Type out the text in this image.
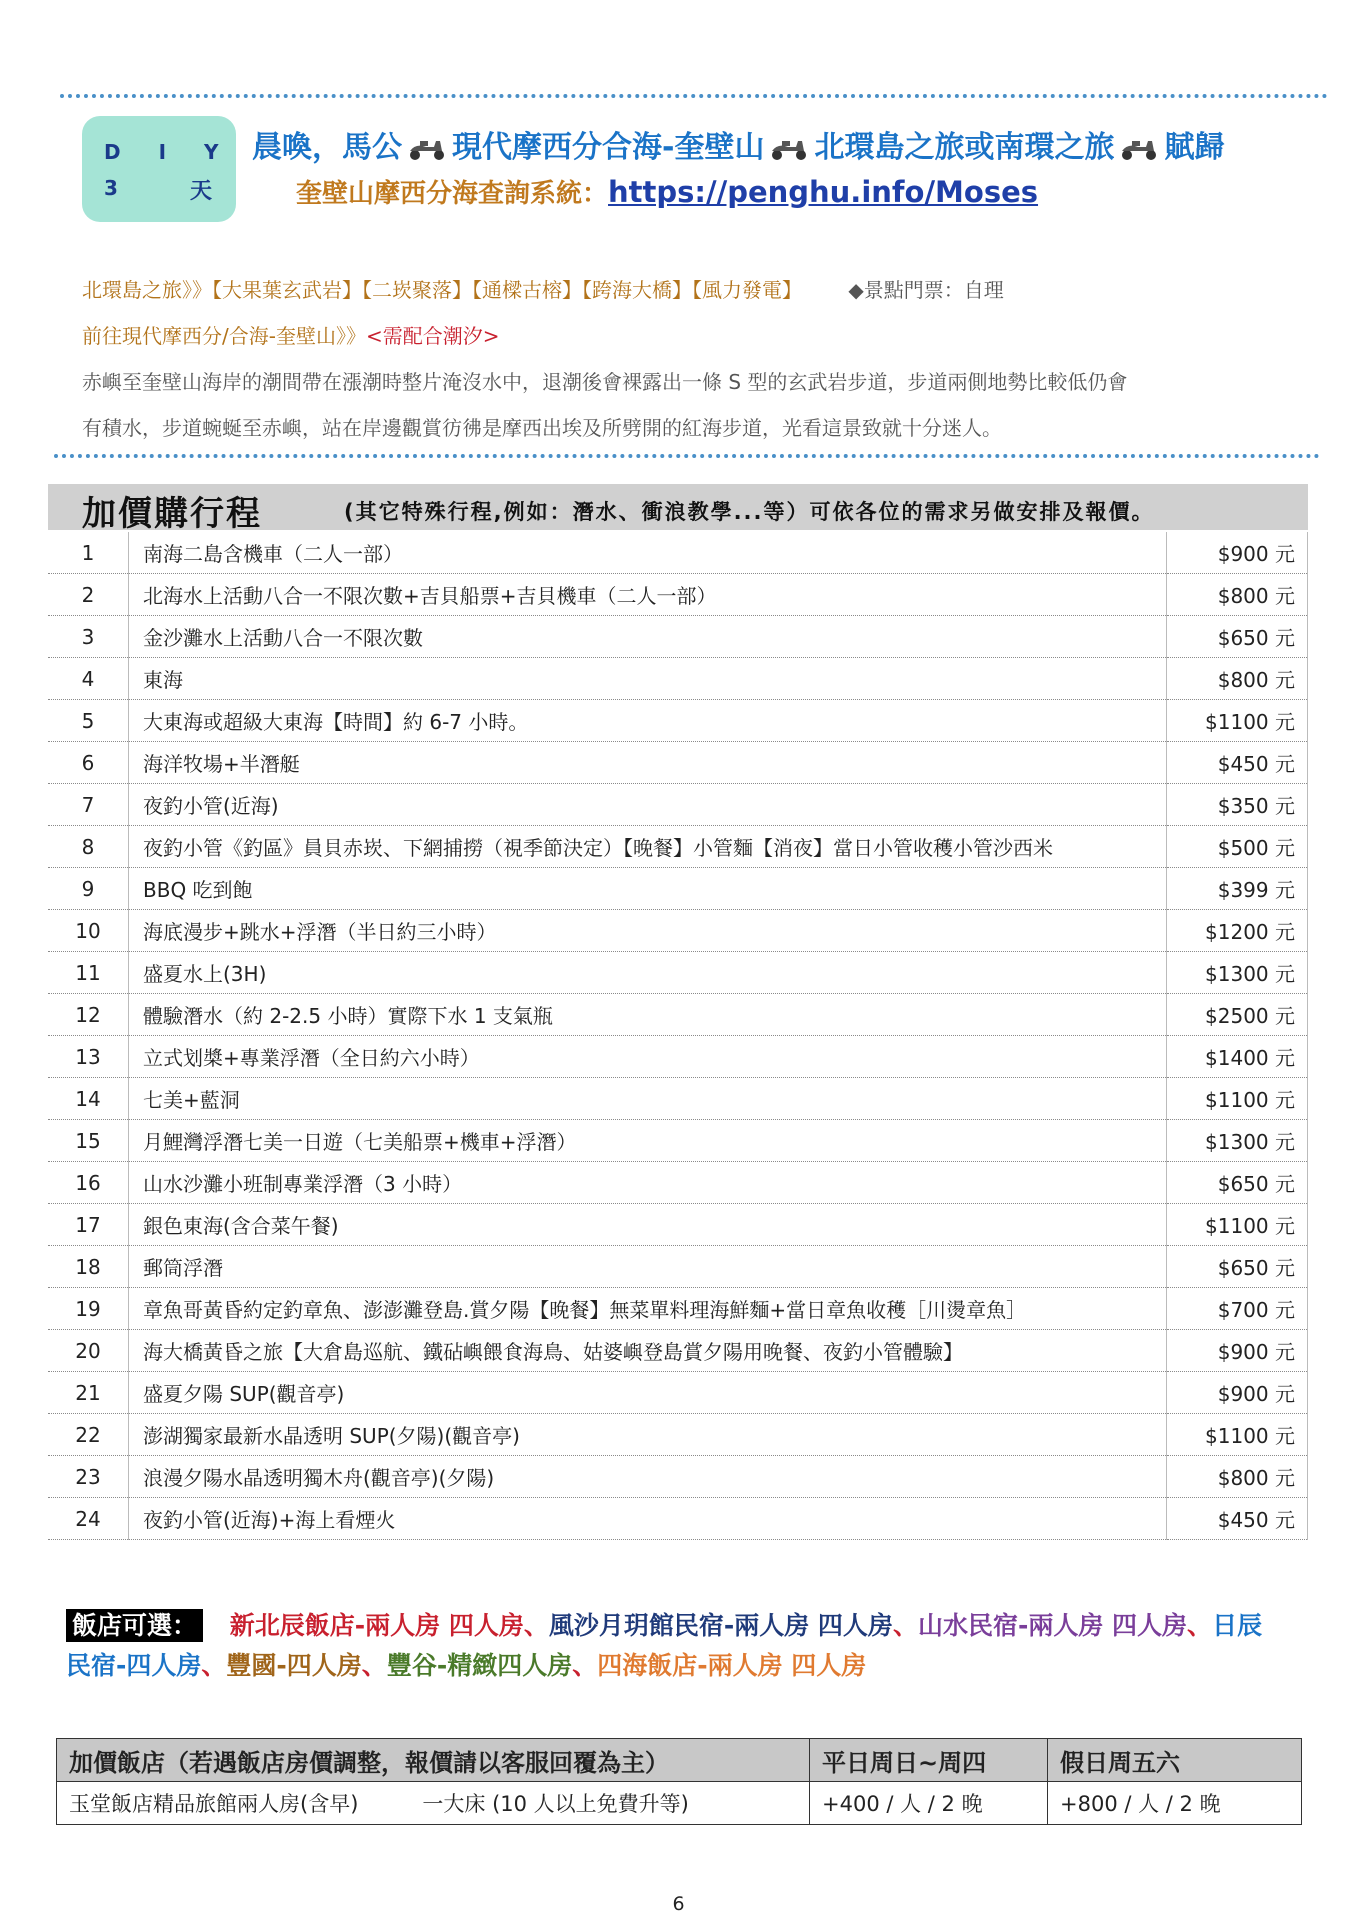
DIY
3	天
晨喚，馬公 現代摩西分合海-奎壁山 北環島之旅或南環之旅 賦歸奎壁山摩西分海查詢系統：https://penghu.info/Moses
北環島之旅》》【大果葉玄武岩】【二崁聚落】【通樑古榕】【跨海大橋】【風力發電】 ◆景點門票：自理
前往現代摩西分/合海-奎壁山》》<需配合潮汐>
赤嶼至奎壁山海岸的潮間帶在漲潮時整片淹沒水中，退潮後會裸露出一條 S 型的玄武岩步道，步道兩側地勢比較低仍會
有積水，步道蜿蜒至赤嶼，站在岸邊觀賞彷彿是摩西出埃及所劈開的紅海步道，光看這景致就十分迷人。
加價購行程	(其它特殊行程,例如：潛水、衝浪教學...等）可依各位的需求另做安排及報價。
1	南海二島含機車（二人一部）	$900 元
2	北海水上活動八合一不限次數+吉貝船票+吉貝機車（二人一部）	$800 元
3	金沙灘水上活動八合一不限次數	$650 元
4	東海	$800 元
5	大東海或超級大東海【時間】約 6-7 小時。	$1100 元
6	海洋牧場+半潛艇	$450 元
7	夜釣小管(近海)	$350 元
8	夜釣小管《釣區》員貝赤崁、下網捕撈（視季節決定）【晚餐】小管麵【消夜】當日小管收穫小管沙西米	$500 元
9	BBQ 吃到飽	$399 元
10	海底漫步+跳水+浮潛（半日約三小時）	$1200 元
11	盛夏水上(3H)	$1300 元
12	體驗潛水（約 2-2.5 小時）實際下水 1 支氣瓶	$2500 元
13	立式划槳+專業浮潛（全日約六小時）	$1400 元
14	七美+藍洞	$1100 元
15	月鯉灣浮潛七美一日遊（七美船票+機車+浮潛）	$1300 元
16	山水沙灘小班制專業浮潛（3 小時）	$650 元
17	銀色東海(含合菜午餐)	$1100 元
18	郵筒浮潛	$650 元
19	章魚哥黃昏約定釣章魚、澎澎灘登島.賞夕陽【晚餐】無菜單料理海鮮麵+當日章魚收穫［川燙章魚］	$700 元
20	海大橋黃昏之旅【大倉島巡航、鐵砧嶼餵食海鳥、姑婆嶼登島賞夕陽用晚餐、夜釣小管體驗】	$900 元
21	盛夏夕陽 SUP(觀音亭)	$900 元
22	澎湖獨家最新水晶透明 SUP(夕陽)(觀音亭)	$1100 元
23	浪漫夕陽水晶透明獨木舟(觀音亭)(夕陽)	$800 元
24	夜釣小管(近海)+海上看煙火	$450 元
飯店可選： 新北辰飯店-兩人房 四人房、風沙月玥館民宿-兩人房 四人房、山水民宿-兩人房 四人房、日辰民宿-四人房、豐國-四人房、豐谷-精緻四人房、四海飯店-兩人房 四人房
加價飯店（若遇飯店房價調整，報價請以客服回覆為主）	平日周日~周四	假日周五六
玉堂飯店精品旅館兩人房(含早) 一大床 (10 人以上免費升等)	+400 / 人 / 2 晚	+800 / 人 / 2 晚
6
